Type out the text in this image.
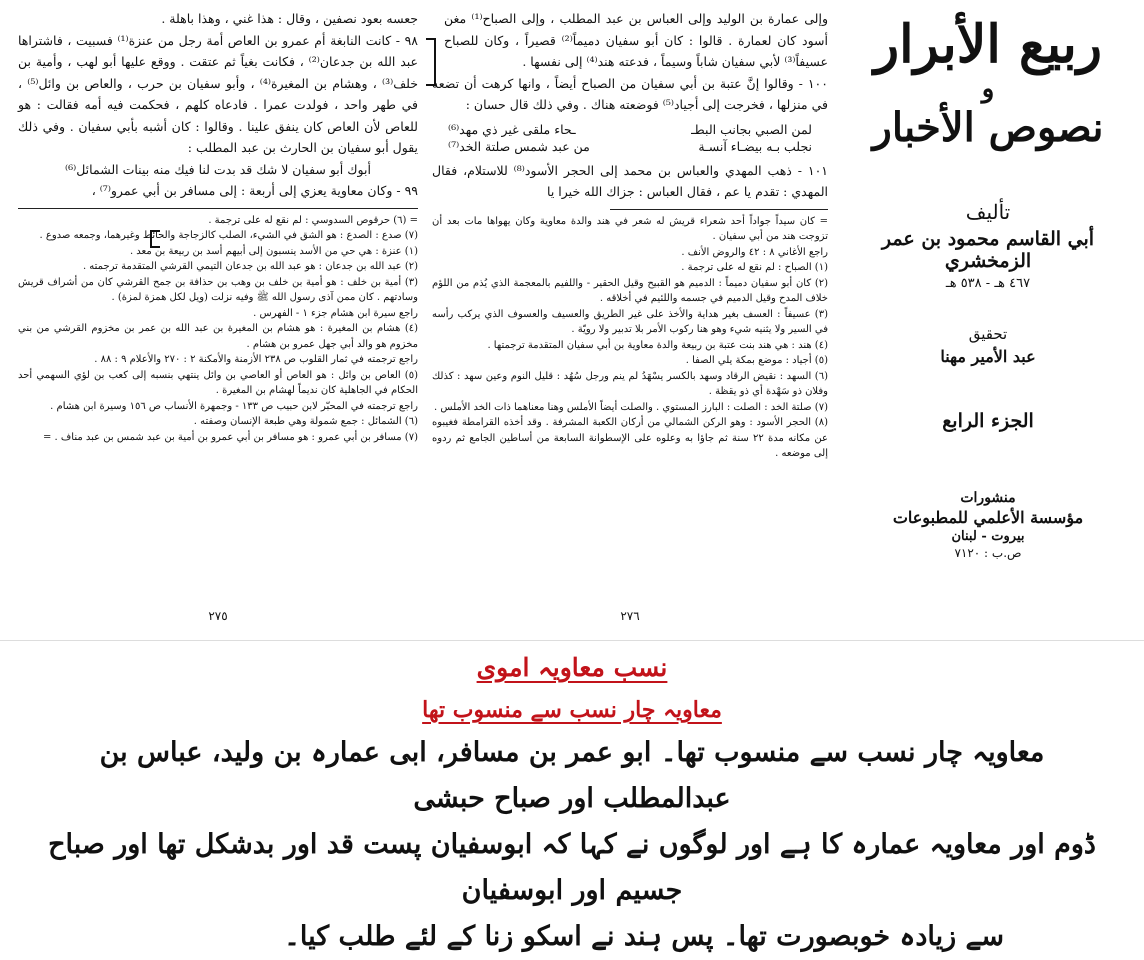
جعسه بعود نصفين ، وقال : هذا غني ، وهذا باهلة .

٩٨ - كانت النابغة أم عمرو بن العاص أمة رجل من عنزة⁽¹⁾ فسبيت ، فاشتراها عبد الله بن جدعان⁽²⁾ ، فكانت بغياً ثم عتقت . ووقع عليها أبو لهب ، وأمية بن خلف⁽³⁾ ، وهشام بن المغيرة⁽⁴⁾ ، وأبو سفيان بن حرب ، والعاص بن وائل⁽⁵⁾ ، في طهر واحد ، فولدت عمرا . فادعاه كلهم ، فحكمت فيه أمه فقالت : هو للعاص لأن العاص كان ينفق علينا . وقالوا : كان أشبه بأبي سفيان . وفي ذلك يقول أبو سفيان بن الحارث بن عبد المطلب :

أبوك أبو سفيان لا شك قد بدت لنا فيك منه بينات الشمائل⁽⁶⁾

٩٩ - وكان معاوية يعزي إلى أربعة : إلى مسافر بن أبي عمرو⁽⁷⁾ ،

= (٦) حرقوص السدوسي : لم نقع له على ترجمة .

(٧) صدع : الصدع : هو الشق في الشيء، الصلب كالزجاجة والحائط وغيرهما، وجمعه صدوع .

(١) عنزة : هي حي من الأسد ينسبون إلى أبيهم أسد بن ربيعة بن معد .

(٢) عبد الله بن جدعان : هو عبد الله بن جدعان التيمي القرشي المتقدمة ترجمته .

(٣) أمية بن خلف : هو أمية بن خلف بن وهب بن حذافة بن جمح القرشي كان من أشراف قريش وسادتهم . كان ممن آذى رسول الله ﷺ وفيه نزلت (ويل لكل همزة لمزة) .

راجع سيرة ابن هشام جزء ١ - الفهرس .

(٤) هشام بن المغيرة : هو هشام بن المغيرة بن عبد الله بن عمر بن مخزوم القرشي من بني مخزوم هو والد أبي جهل عمرو بن هشام .

راجع ترجمته في ثمار القلوب ص ٢٣٨ الأزمنة والأمكنة ٢ : ٢٧٠ والأعلام ٩ : ٨٨ .

(٥) العاص بن وائل : هو العاص أو العاصي بن وائل ينتهي بنسبه إلى كعب بن لؤي السهمي أحد الحكام في الجاهلية كان نديماً لهشام بن المغيرة .

راجع ترجمته في المحبّر لابن حبيب ص ١٣٣ - وجمهرة الأنساب ص ١٥٦ وسيرة ابن هشام .

(٦) الشمائل : جمع شمولة وهي طبعة الإنسان وصفته .

(٧) مسافر بن أبي عمرو : هو مسافر بن أبي عمرو بن أمية بن عبد شمس بن عبد مناف . =

٢٧٥

وإلى عمارة بن الوليد وإلى العباس بن عبد المطلب ، وإلى الصباح⁽¹⁾ مغن أسود كان لعمارة . قالوا : كان أبو سفيان دميماً⁽²⁾ قصيراً ، وكان للصباح عسيفاً⁽³⁾ لأبي سفيان شاباً وسيماً ، فدعته هند⁽⁴⁾ إلى نفسها .

١٠٠ - وقالوا إنَّ عتبة بن أبي سفيان من الصباح أيضاً ، وانها كرهت أن تضعه في منزلها ، فخرجت إلى أجياد⁽⁵⁾ فوضعته هناك . وفي ذلك قال حسان :

لمن الصبي بجانب البطـ
ـحاء ملقى غير ذي مهد⁽⁶⁾
نجلب بـه بيضـاء آنسـة
من عبد شمس صلتة الخد⁽⁷⁾

١٠١ - ذهب المهدي والعباس بن محمد إلى الحجر الأسود⁽⁸⁾ للاستلام، فقال المهدي : تقدم يا عم ، فقال العباس : جزاك الله خيرا يا

= كان سيداً جواداً أحد شعراء قريش له شعر في هند والدة معاوية وكان يهواها مات بعد أن تزوجت هند من أبي سفيان .

راجع الأغاني ٨ : ٤٢ والروض الأنف .

(١) الصباح : لم نقع له على ترجمة .

(٢) كان أبو سفيان دميماً : الدميم هو القبيح وقيل الحقير - واللفيم بالمعجمة الذي يُذم من اللؤم خلاف المدح وقيل الدميم في جسمه واللئيم في أخلاقه .

(٣) عسيفاً : العسف بغير هداية والأخذ على غير الطريق والعسيف والعسوف الذي يركب رأسه في السير ولا يثنيه شيء وهو هنا ركوب الأمر بلا تدبير ولا رويّة .

(٤) هند : هي هند بنت عتبة بن ربيعة والدة معاوية بن أبي سفيان المتقدمة ترجمتها .

(٥) أجياد : موضع بمكة يلي الصفا .

(٦) السهد : نقيض الرقاد وسهد بالكسر يسْهَدُ لم ينم ورجل سُهُد : قليل النوم وعين سهد : كذلك وفلان ذو سَهْدة أي ذو يقظة .

(٧) صلتة الخد : الصلت : البارز المستوي . والصلت أيضاً الأملس وهنا معناهما ذات الخد الأملس .

(٨) الحجر الأسود : وهو الركن الشمالي من أركان الكعبة المشرفة . وقد أخذه القرامطة فغيبوه عن مكانه مدة ٢٢ سنة ثم جاؤا به وعلوه على الإسطوانة السابعة من أساطين الجامع ثم ردوه إلى موضعه .

٢٧٦
ربيع الأبرار
و
نصوص الأخبار
تأليف
أبي القاسم محمود بن عمر الزمخشري
٤٦٧ هـ - ٥٣٨ هـ
تحقيق
عبد الأمير مهنا
الجزء الرابع
منشورات
مؤسسة الأعلمي للمطبوعات
بيروت - لبنان
ص.ب : ٧١٢٠

نسب معاویہ اموی

معاویہ چار نسب سے منسوب تھا

معاویہ چار نسب سے منسوب تھا۔ ابو عمر بن مسافر، ابی عمارہ بن ولید، عباس بن عبدالمطلب اور صباح حبشی

ڈوم اور معاویہ عمارہ کا ہے اور لوگوں نے کہا کہ ابوسفیان پست قد اور بدشکل تھا اور صباح جسیم اور ابوسفیان

سے زیادہ خوبصورت تھا۔ پس ہند نے اسکو زنا کے لئے طلب کیا۔
